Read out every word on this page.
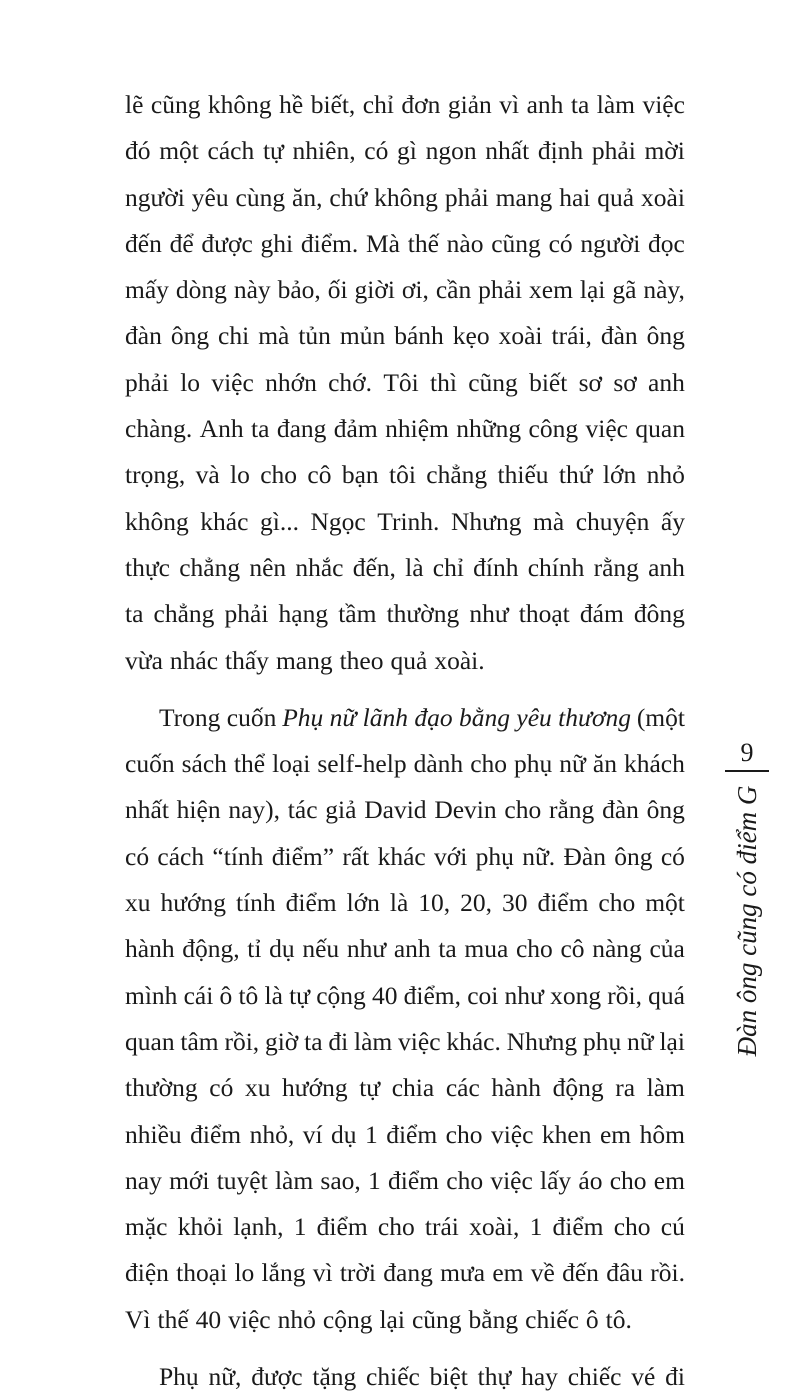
lẽ cũng không hề biết, chỉ đơn giản vì anh ta làm việc
đó một cách tự nhiên, có gì ngon nhất định phải mời
người yêu cùng ăn, chứ không phải mang hai quả xoài
đến để được ghi điểm. Mà thế nào cũng có người đọc
mấy dòng này bảo, ối giời ơi, cần phải xem lại gã này,
đàn ông chi mà tủn mủn bánh kẹo xoài trái, đàn ông
phải lo việc nhớn chớ. Tôi thì cũng biết sơ sơ anh
chàng. Anh ta đang đảm nhiệm những công việc quan
trọng, và lo cho cô bạn tôi chẳng thiếu thứ lớn nhỏ
không khác gì... Ngọc Trinh. Nhưng mà chuyện ấy
thực chẳng nên nhắc đến, là chỉ đính chính rằng anh
ta chẳng phải hạng tầm thường như thoạt đám đông
vừa nhác thấy mang theo quả xoài.
Trong cuốn Phụ nữ lãnh đạo bằng yêu thương (một
cuốn sách thể loại self-help dành cho phụ nữ ăn khách
nhất hiện nay), tác giả David Devin cho rằng đàn ông
có cách “tính điểm” rất khác với phụ nữ. Đàn ông có
xu hướng tính điểm lớn là 10, 20, 30 điểm cho một
hành động, tỉ dụ nếu như anh ta mua cho cô nàng của
mình cái ô tô là tự cộng 40 điểm, coi như xong rồi, quá
quan tâm rồi, giờ ta đi làm việc khác. Nhưng phụ nữ lại
thường có xu hướng tự chia các hành động ra làm
nhiều điểm nhỏ, ví dụ 1 điểm cho việc khen em hôm
nay mới tuyệt làm sao, 1 điểm cho việc lấy áo cho em
mặc khỏi lạnh, 1 điểm cho trái xoài, 1 điểm cho cú
điện thoại lo lắng vì trời đang mưa em về đến đâu rồi.
Vì thế 40 việc nhỏ cộng lại cũng bằng chiếc ô tô.
Phụ nữ, được tặng chiếc biệt thự hay chiếc vé đi
9
Đàn ông cũng có điểm G
